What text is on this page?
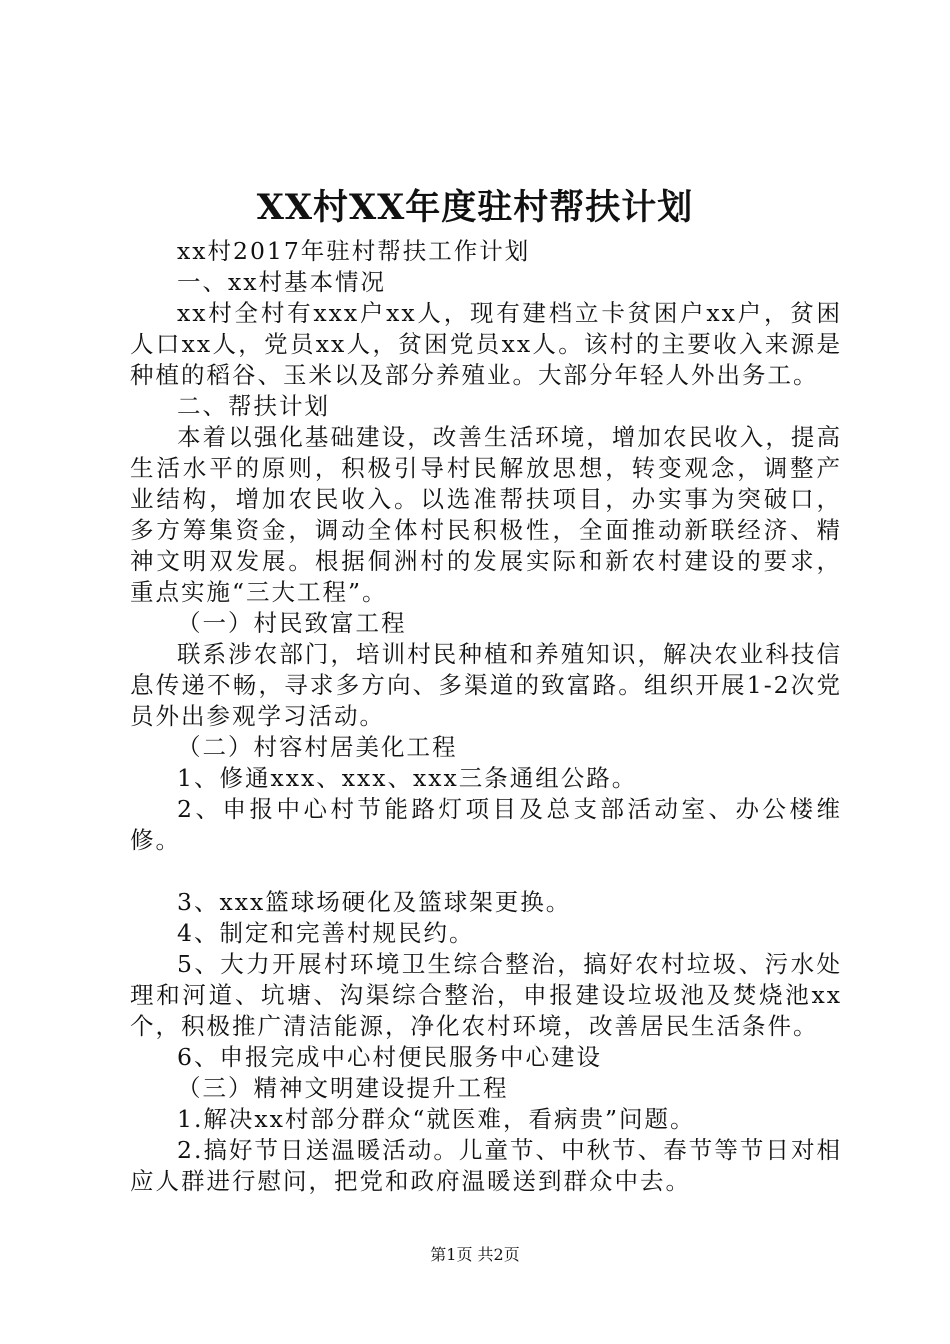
XX村XX年度驻村帮扶计划

xx村2017年驻村帮扶工作计划

一、xx村基本情况

xx村全村有xxx户xx人，现有建档立卡贫困户xx户，贫困人口xx人，党员xx人，贫困党员xx人。该村的主要收入来源是种植的稻谷、玉米以及部分养殖业。大部分年轻人外出务工。

二、帮扶计划

本着以强化基础建设，改善生活环境，增加农民收入，提高生活水平的原则，积极引导村民解放思想，转变观念，调整产业结构，增加农民收入。以选准帮扶项目，办实事为突破口，多方筹集资金，调动全体村民积极性，全面推动新联经济、精神文明双发展。根据侗洲村的发展实际和新农村建设的要求，重点实施“三大工程”。

（一）村民致富工程

联系涉农部门，培训村民种植和养殖知识，解决农业科技信息传递不畅，寻求多方向、多渠道的致富路。组织开展1-2次党员外出参观学习活动。

（二）村容村居美化工程

1、修通xxx、xxx、xxx三条通组公路。

2、申报中心村节能路灯项目及总支部活动室、办公楼维修。

3、xxx篮球场硬化及篮球架更换。

4、制定和完善村规民约。

5、大力开展村环境卫生综合整治，搞好农村垃圾、污水处理和河道、坑塘、沟渠综合整治，申报建设垃圾池及焚烧池xx个，积极推广清洁能源，净化农村环境，改善居民生活条件。

6、申报完成中心村便民服务中心建设

（三）精神文明建设提升工程

1.解决xx村部分群众“就医难，看病贵”问题。

2.搞好节日送温暖活动。儿童节、中秋节、春节等节日对相应人群进行慰问，把党和政府温暖送到群众中去。

第1页 共2页
